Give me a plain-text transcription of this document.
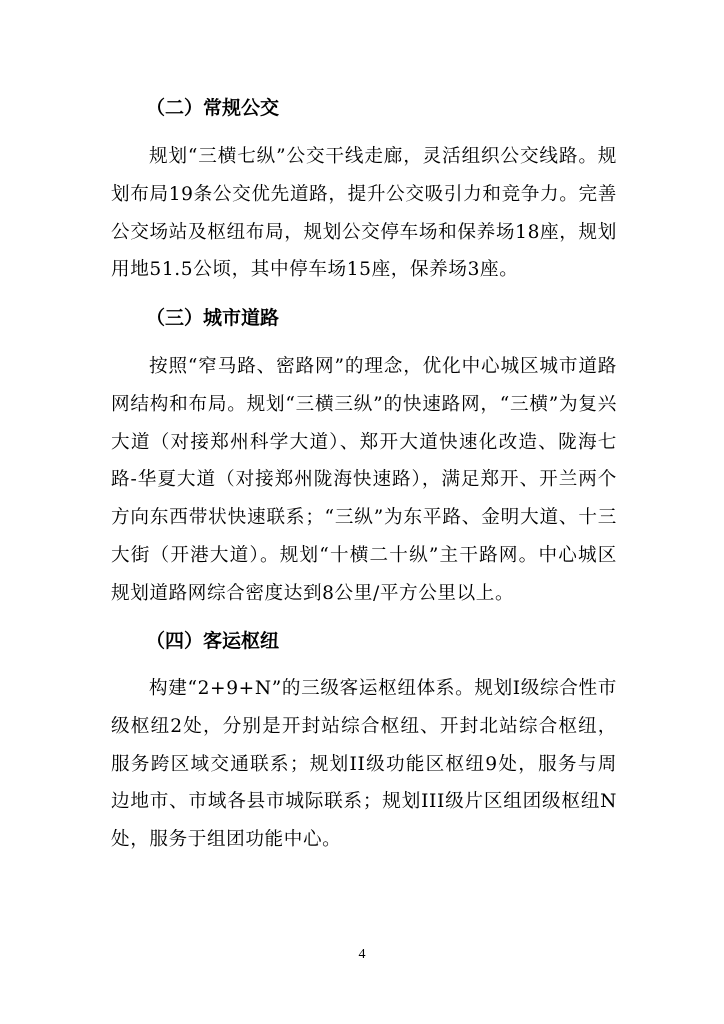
（二）常规公交

规划“三横七纵”公交干线走廊，灵活组织公交线路。规划布局19条公交优先道路，提升公交吸引力和竞争力。完善公交场站及枢纽布局，规划公交停车场和保养场18座，规划用地51.5公顷，其中停车场15座，保养场3座。

（三）城市道路

按照“窄马路、密路网”的理念，优化中心城区城市道路网结构和布局。规划“三横三纵”的快速路网，“三横”为复兴大道（对接郑州科学大道）、郑开大道快速化改造、陇海七路-华夏大道（对接郑州陇海快速路），满足郑开、开兰两个方向东西带状快速联系；“三纵”为东平路、金明大道、十三大街（开港大道）。规划“十横二十纵”主干路网。中心城区规划道路网综合密度达到8公里/平方公里以上。

（四）客运枢纽

构建“2+9+N”的三级客运枢纽体系。规划I级综合性市级枢纽2处，分别是开封站综合枢纽、开封北站综合枢纽，服务跨区域交通联系；规划II级功能区枢纽9处，服务与周边地市、市域各县市城际联系；规划III级片区组团级枢纽N处，服务于组团功能中心。

4
